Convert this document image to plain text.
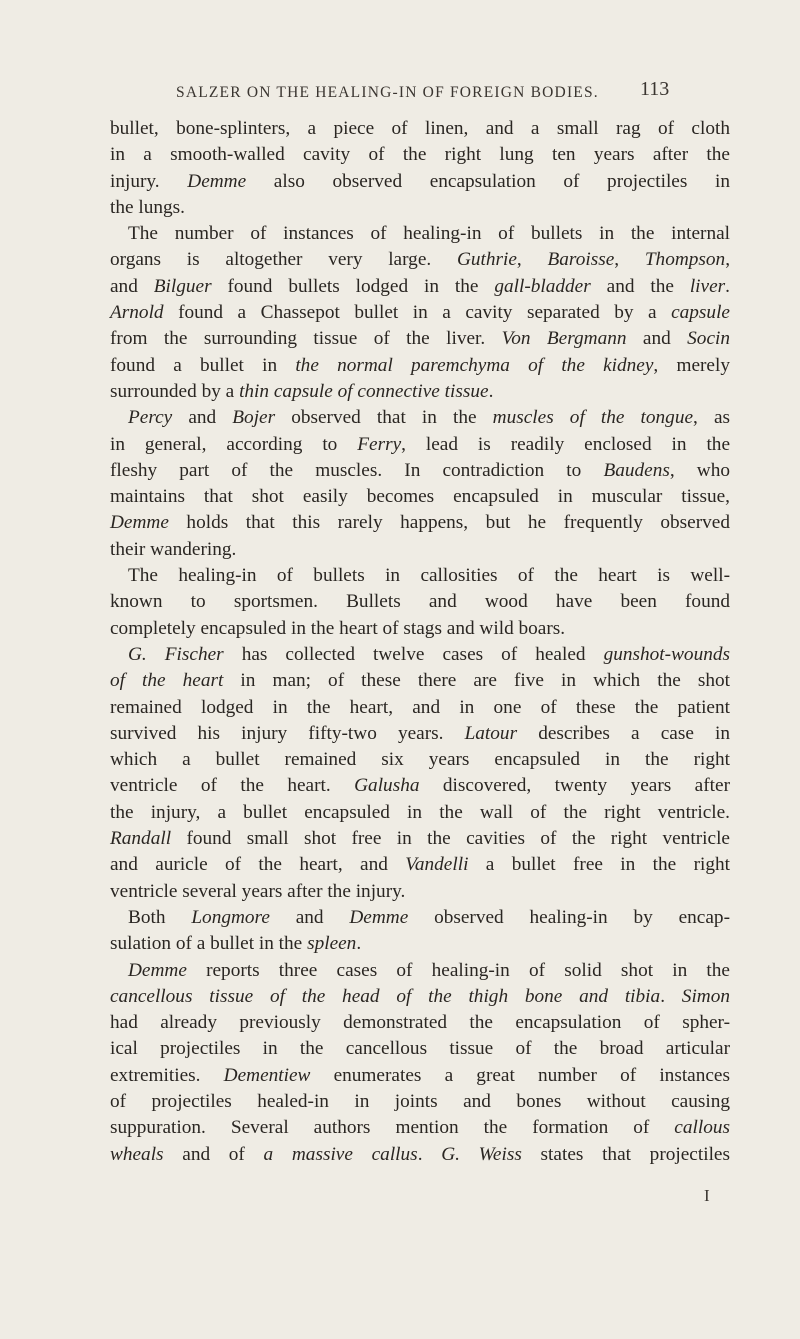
SALZER ON THE HEALING-IN OF FOREIGN BODIES. 113
bullet, bone-splinters, a piece of linen, and a small rag of cloth
in a smooth-walled cavity of the right lung ten years after the
injury. Demme also observed encapsulation of projectiles in
the lungs.
The number of instances of healing-in of bullets in the internal
organs is altogether very large. Guthrie, Baroisse, Thompson,
and Bilguer found bullets lodged in the gall-bladder and the liver.
Arnold found a Chassepot bullet in a cavity separated by a capsule
from the surrounding tissue of the liver. Von Bergmann and Socin
found a bullet in the normal paremchyma of the kidney, merely
surrounded by a thin capsule of connective tissue.
Percy and Bojer observed that in the muscles of the tongue, as
in general, according to Ferry, lead is readily enclosed in the
fleshy part of the muscles. In contradiction to Baudens, who
maintains that shot easily becomes encapsuled in muscular tissue,
Demme holds that this rarely happens, but he frequently observed
their wandering.
The healing-in of bullets in callosities of the heart is well-
known to sportsmen. Bullets and wood have been found
completely encapsuled in the heart of stags and wild boars.
G. Fischer has collected twelve cases of healed gunshot-wounds
of the heart in man; of these there are five in which the shot
remained lodged in the heart, and in one of these the patient
survived his injury fifty-two years. Latour describes a case in
which a bullet remained six years encapsuled in the right
ventricle of the heart. Galusha discovered, twenty years after
the injury, a bullet encapsuled in the wall of the right ventricle.
Randall found small shot free in the cavities of the right ventricle
and auricle of the heart, and Vandelli a bullet free in the right
ventricle several years after the injury.
Both Longmore and Demme observed healing-in by encap-
sulation of a bullet in the spleen.
Demme reports three cases of healing-in of solid shot in the
cancellous tissue of the head of the thigh bone and tibia. Simon
had already previously demonstrated the encapsulation of spher-
ical projectiles in the cancellous tissue of the broad articular
extremities. Dementiew enumerates a great number of instances
of projectiles healed-in in joints and bones without causing
suppuration. Several authors mention the formation of callous
wheals and of a massive callus. G. Weiss states that projectiles
I
